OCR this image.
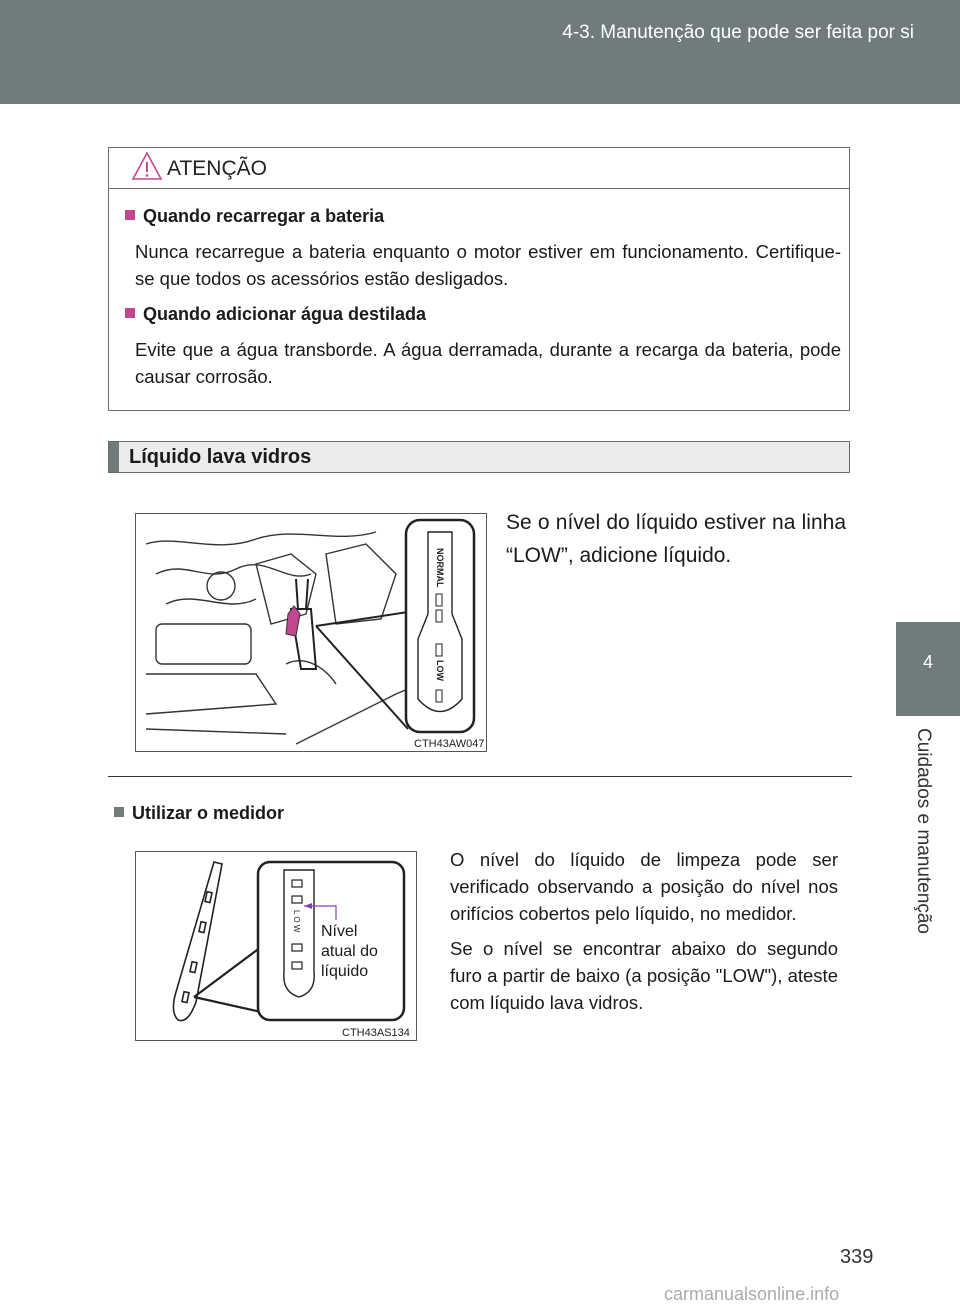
4-3. Manutenção que pode ser feita por si
4
Cuidados e manutenção
ATENÇÃO
Quando recarregar a bateria
Nunca recarregue a bateria enquanto o motor estiver em funcionamento. Certifique-se que todos os acessórios estão desligados.
Quando adicionar água destilada
Evite que a água transborde. A água derramada, durante a recarga da bateria, pode causar corrosão.
Líquido lava vidros
NORMAL
LOW
CTH43AW047
Se o nível do líquido estiver na linha “LOW”, adicione líquido.
Utilizar o medidor
L O W Nível
atual do
líquido
CTH43AS134

O nível do líquido de limpeza pode ser verificado observando a posição do nível nos orifícios cobertos pelo líquido, no medidor.

Se o nível se encontrar abaixo do segundo furo a partir de baixo (a posição "LOW"), ateste com líquido lava vidros.

339
carmanualsonline.info
